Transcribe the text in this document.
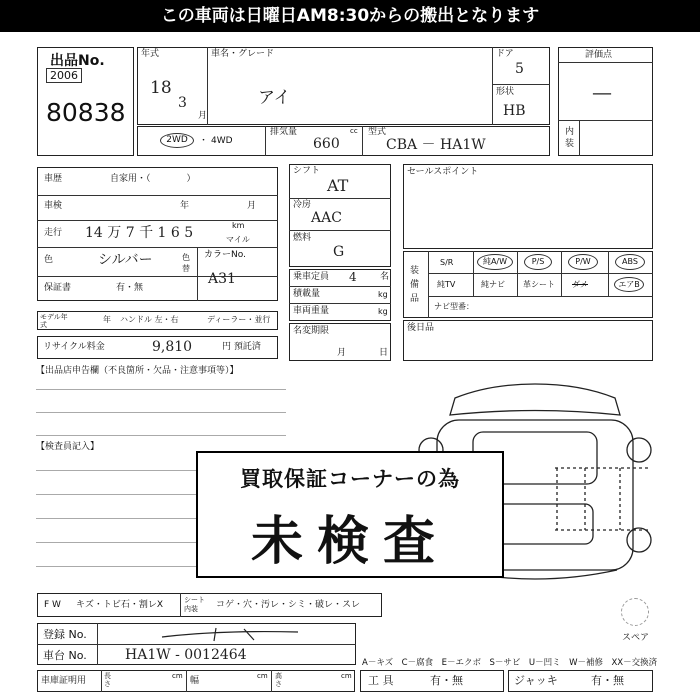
この車両は日曜日AM8:30からの搬出となります
出品No.
2006
80838
年式
18
3
月
車名・グレード
アイ
ドア
5
形状
HB
評価点
—
内装
2WD	・ 4WD
排気量
660
cc 型式
CBA － HA1W
車歴	自家用・（　　　　）
車検	年	月
走行 14 万 7 千 1 6 5	km
マイル
色	シルバー	色替
カラーNo.
A31
保証書	有・無
モデル年式
年 ハンドル 左・右	ディーラー・並行
リサイクル料金	9,810	円 預託済
【出品店申告欄（不良箇所・欠品・注意事項等）】
シフト
AT
冷房
AAC
燃料
G
乗車定員 4	名
積載量	kg
車両重量	kg
名変期限
月	日
セールスポイント
装備品
S/R	純A/W	P/S	P/W	ABS
純TV	純ナビ 革シート ダメ	エアB
ナビ型番：
後日品
【検査員記入】
スペア
買取保証コーナーの為
未検査
F W キズ・トビ石・割レX	シート内装	コゲ・穴・汚レ・シミ・破レ・スレ
登録 No.
車台 No.	HA1W - 0012464	A－キズ　C－腐食　E－エクボ　S－サビ　U－凹ミ　W－補修　XX－交換済
車庫証明用	長さ
cm 幅	cm 高さ
cm 工 具	有・無	ジャッキ	有・無
